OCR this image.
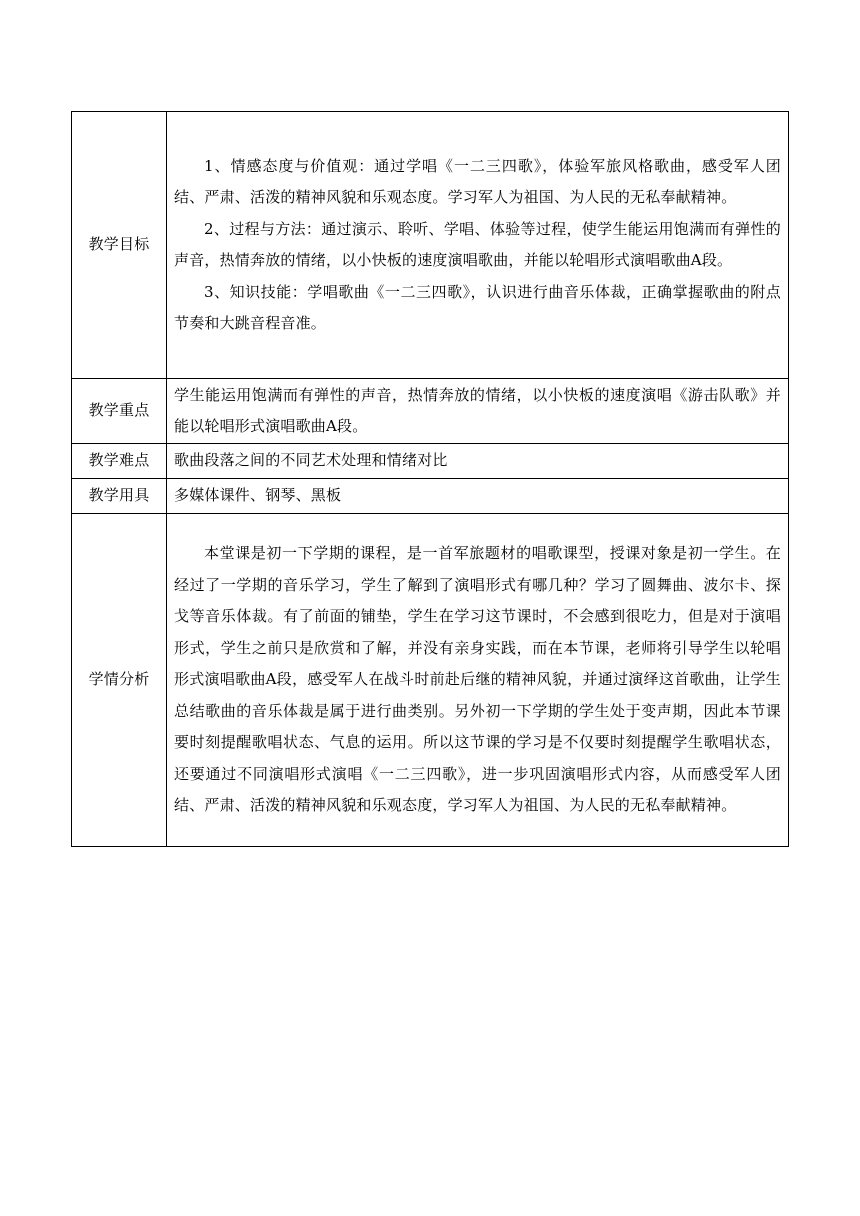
教学目标	1、情感态度与价值观：通过学唱《一二三四歌》，体验军旅风格歌曲，感受军人团结、严肃、活泼的精神风貌和乐观态度。学习军人为祖国、为人民的无私奉献精神。

2、过程与方法：通过演示、聆听、学唱、体验等过程，使学生能运用饱满而有弹性的声音，热情奔放的情绪，以小快板的速度演唱歌曲，并能以轮唱形式演唱歌曲A段。

3、知识技能：学唱歌曲《一二三四歌》，认识进行曲音乐体裁，正确掌握歌曲的附点节奏和大跳音程音准。

教学重点	学生能运用饱满而有弹性的声音，热情奔放的情绪，以小快板的速度演唱《游击队歌》并能以轮唱形式演唱歌曲A段。

教学难点	歌曲段落之间的不同艺术处理和情绪对比

教学用具	多媒体课件、钢琴、黑板

学情分析	本堂课是初一下学期的课程，是一首军旅题材的唱歌课型，授课对象是初一学生。在经过了一学期的音乐学习，学生了解到了演唱形式有哪几种？学习了圆舞曲、波尔卡、探戈等音乐体裁。有了前面的铺垫，学生在学习这节课时，不会感到很吃力，但是对于演唱形式，学生之前只是欣赏和了解，并没有亲身实践，而在本节课，老师将引导学生以轮唱形式演唱歌曲A段，感受军人在战斗时前赴后继的精神风貌，并通过演绎这首歌曲，让学生总结歌曲的音乐体裁是属于进行曲类别。另外初一下学期的学生处于变声期，因此本节课要时刻提醒歌唱状态、气息的运用。所以这节课的学习是不仅要时刻提醒学生歌唱状态，还要通过不同演唱形式演唱《一二三四歌》，进一步巩固演唱形式内容，从而感受军人团结、严肃、活泼的精神风貌和乐观态度，学习军人为祖国、为人民的无私奉献精神。
